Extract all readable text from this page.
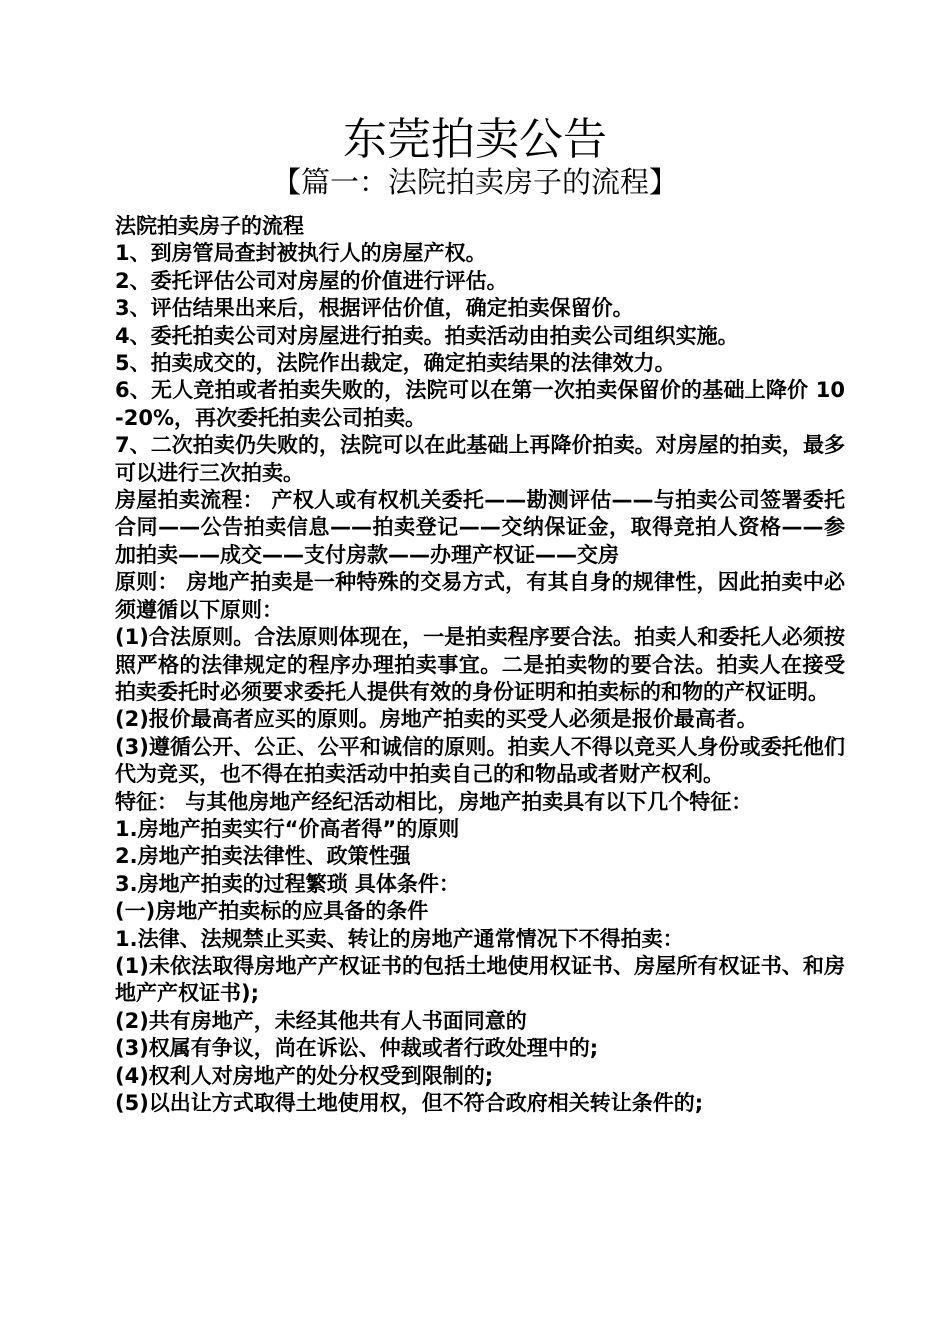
东莞拍卖公告
【篇一：法院拍卖房子的流程】

法院拍卖房子的流程

1、到房管局查封被执行人的房屋产权。

2、委托评估公司对房屋的价值进行评估。

3、评估结果出来后，根据评估价值，确定拍卖保留价。

4、委托拍卖公司对房屋进行拍卖。拍卖活动由拍卖公司组织实施。

5、拍卖成交的，法院作出裁定，确定拍卖结果的法律效力。

6、无人竞拍或者拍卖失败的，法院可以在第一次拍卖保留价的基础上降价 10-20%，再次委托拍卖公司拍卖。

7、二次拍卖仍失败的，法院可以在此基础上再降价拍卖。对房屋的拍卖，最多可以进行三次拍卖。

房屋拍卖流程： 产权人或有权机关委托——勘测评估——与拍卖公司签署委托合同——公告拍卖信息——拍卖登记——交纳保证金，取得竞拍人资格——参加拍卖——成交——支付房款——办理产权证——交房

原则： 房地产拍卖是一种特殊的交易方式，有其自身的规律性，因此拍卖中必须遵循以下原则：

(1)合法原则。合法原则体现在，一是拍卖程序要合法。拍卖人和委托人必须按照严格的法律规定的程序办理拍卖事宜。二是拍卖物的要合法。拍卖人在接受拍卖委托时必须要求委托人提供有效的身份证明和拍卖标的和物的产权证明。

(2)报价最高者应买的原则。房地产拍卖的买受人必须是报价最高者。

(3)遵循公开、公正、公平和诚信的原则。拍卖人不得以竞买人身份或委托他们代为竞买，也不得在拍卖活动中拍卖自己的和物品或者财产权利。

特征： 与其他房地产经纪活动相比，房地产拍卖具有以下几个特征：

1.房地产拍卖实行“价高者得”的原则

2.房地产拍卖法律性、政策性强

3.房地产拍卖的过程繁琐 具体条件：

(一)房地产拍卖标的应具备的条件

1.法律、法规禁止买卖、转让的房地产通常情况下不得拍卖：

(1)未依法取得房地产产权证书的包括土地使用权证书、房屋所有权证书、和房地产产权证书);

(2)共有房地产，未经其他共有人书面同意的

(3)权属有争议，尚在诉讼、仲裁或者行政处理中的;

(4)权利人对房地产的处分权受到限制的;

(5)以出让方式取得土地使用权，但不符合政府相关转让条件的;
